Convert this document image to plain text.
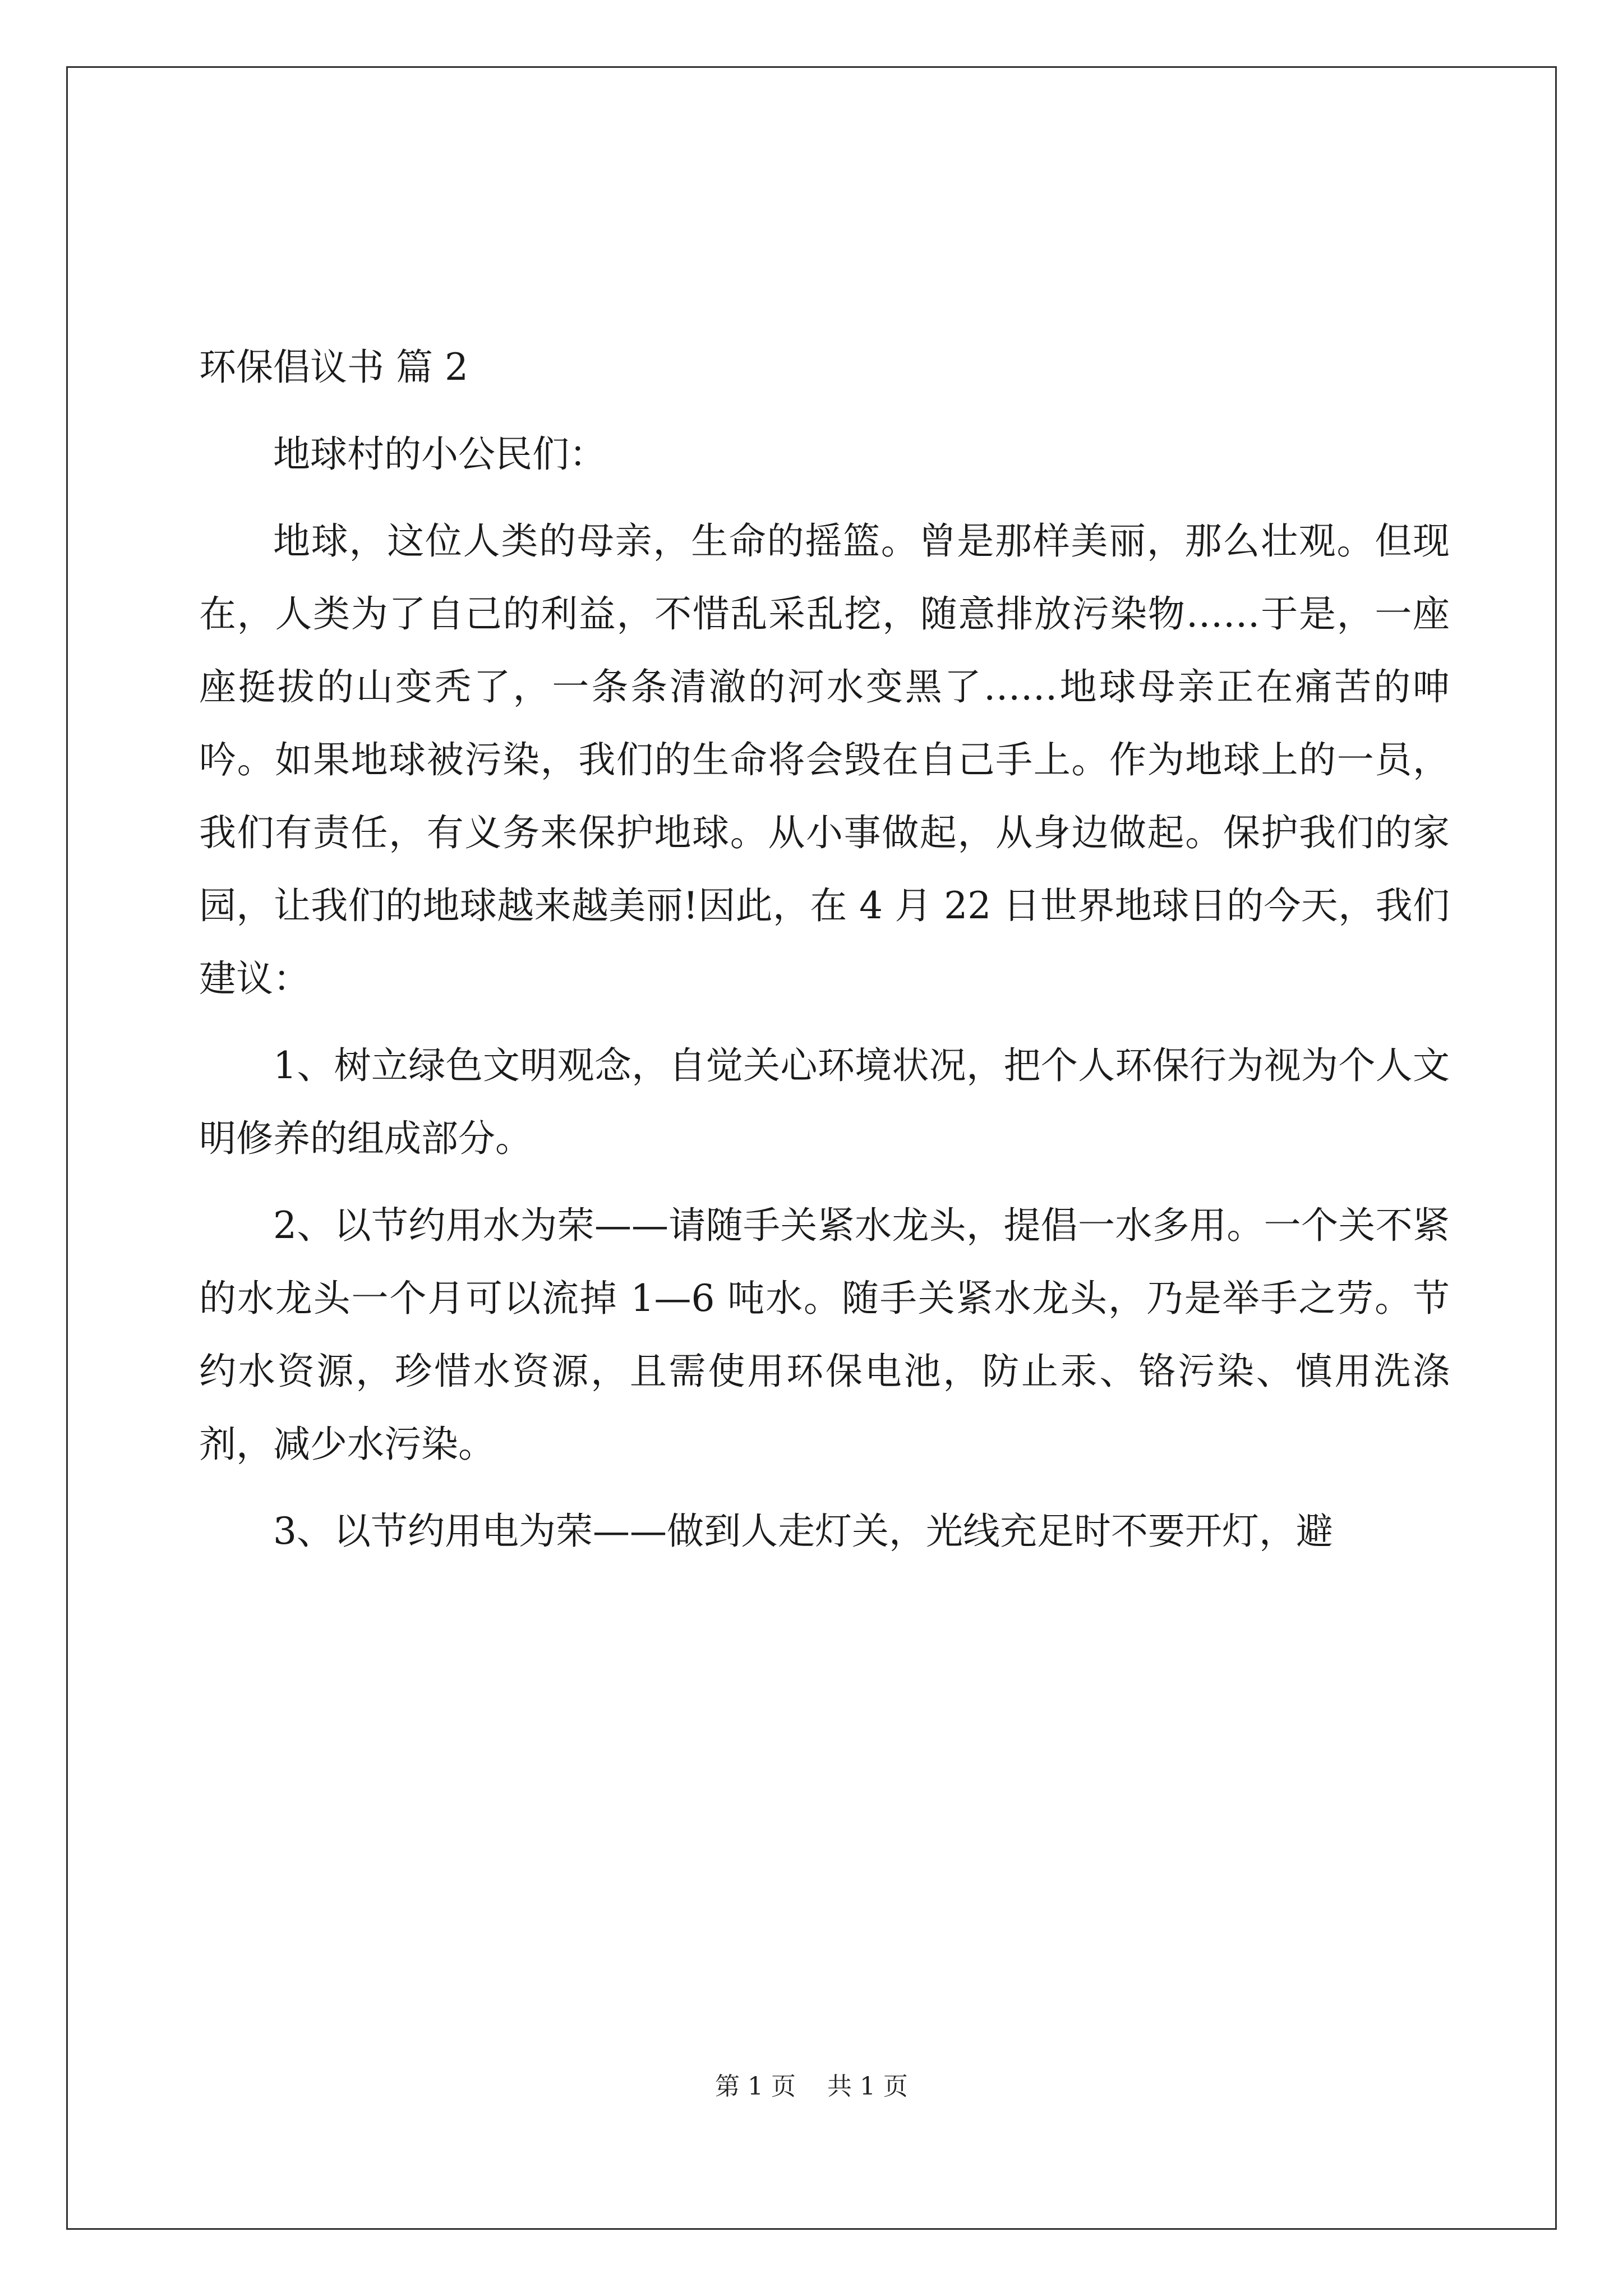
环保倡议书 篇 2

地球村的小公民们：

地球，这位人类的母亲，生命的摇篮。曾是那样美丽，那么壮观。但现在，人类为了自己的利益，不惜乱采乱挖，随意排放污染物……于是，一座座挺拔的山变秃了，一条条清澈的河水变黑了……地球母亲正在痛苦的呻吟。如果地球被污染，我们的生命将会毁在自己手上。作为地球上的一员，我们有责任，有义务来保护地球。从小事做起，从身边做起。保护我们的家园，让我们的地球越来越美丽!因此，在 4 月 22 日世界地球日的今天，我们建议：

1、树立绿色文明观念，自觉关心环境状况，把个人环保行为视为个人文明修养的组成部分。

2、以节约用水为荣——请随手关紧水龙头，提倡一水多用。一个关不紧的水龙头一个月可以流掉 1—6 吨水。随手关紧水龙头，乃是举手之劳。节约水资源，珍惜水资源，且需使用环保电池，防止汞、铬污染、慎用洗涤剂，减少水污染。

3、以节约用电为荣——做到人走灯关，光线充足时不要开灯，避

第 1 页    共 1 页
